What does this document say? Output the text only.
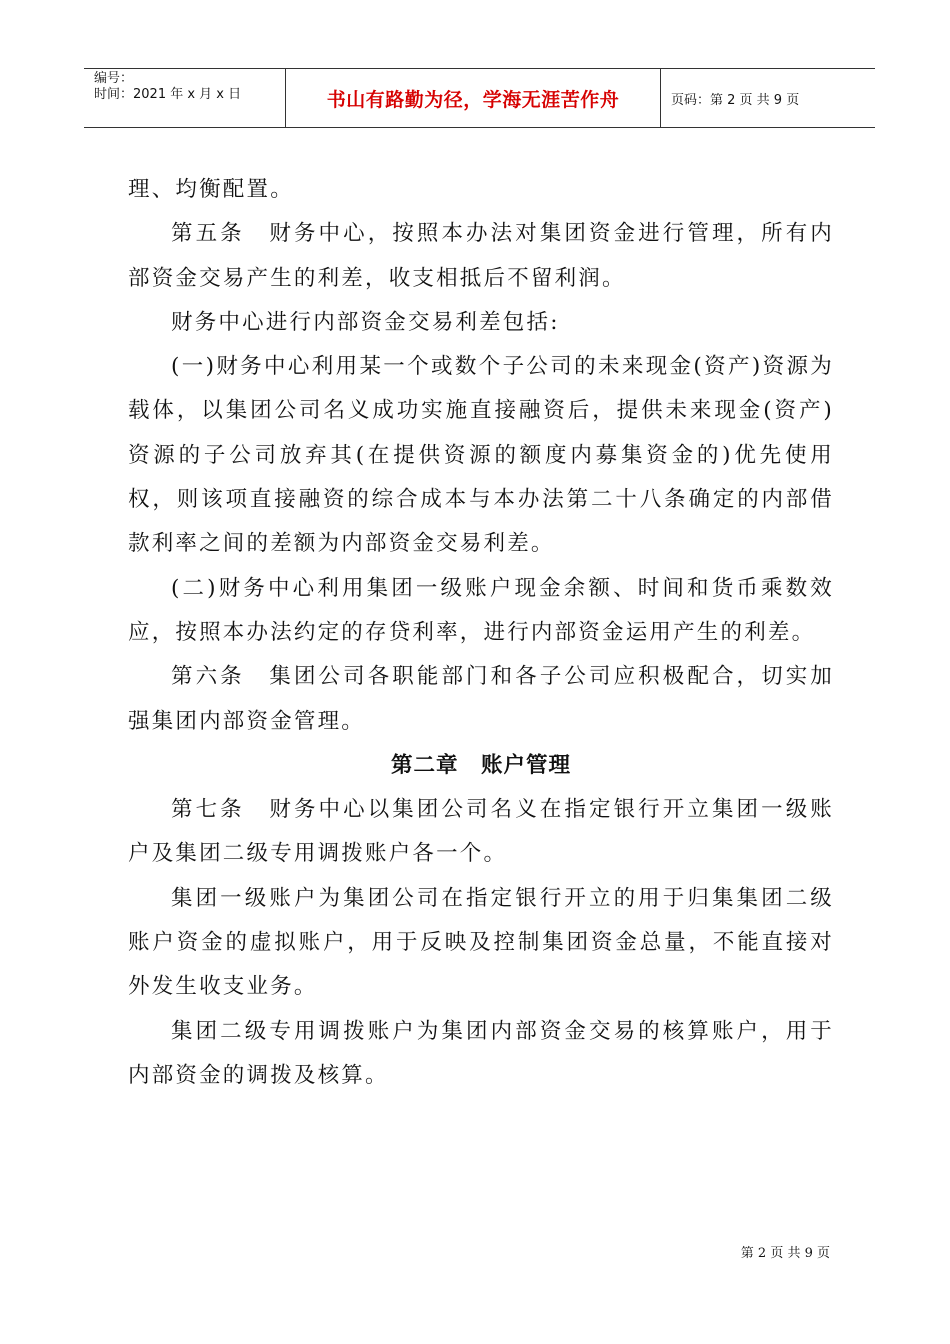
编号：
时间：2021 年 x 月 x 日	书山有路勤为径，学海无涯苦作舟	页码：第 2 页 共 9 页

理、均衡配置。

第五条　财务中心，按照本办法对集团资金进行管理，所有内部资金交易产生的利差，收支相抵后不留利润。

财务中心进行内部资金交易利差包括:

(一)财务中心利用某一个或数个子公司的未来现金(资产)资源为载体，以集团公司名义成功实施直接融资后，提供未来现金(资产)资源的子公司放弃其(在提供资源的额度内募集资金的)优先使用权，则该项直接融资的综合成本与本办法第二十八条确定的内部借款利率之间的差额为内部资金交易利差。

(二)财务中心利用集团一级账户现金余额、时间和货币乘数效应，按照本办法约定的存贷利率，进行内部资金运用产生的利差。

第六条　集团公司各职能部门和各子公司应积极配合，切实加强集团内部资金管理。

第二章　账户管理

第七条　财务中心以集团公司名义在指定银行开立集团一级账户及集团二级专用调拨账户各一个。

集团一级账户为集团公司在指定银行开立的用于归集集团二级账户资金的虚拟账户，用于反映及控制集团资金总量，不能直接对外发生收支业务。

集团二级专用调拨账户为集团内部资金交易的核算账户，用于内部资金的调拨及核算。

第 2 页 共 9 页
